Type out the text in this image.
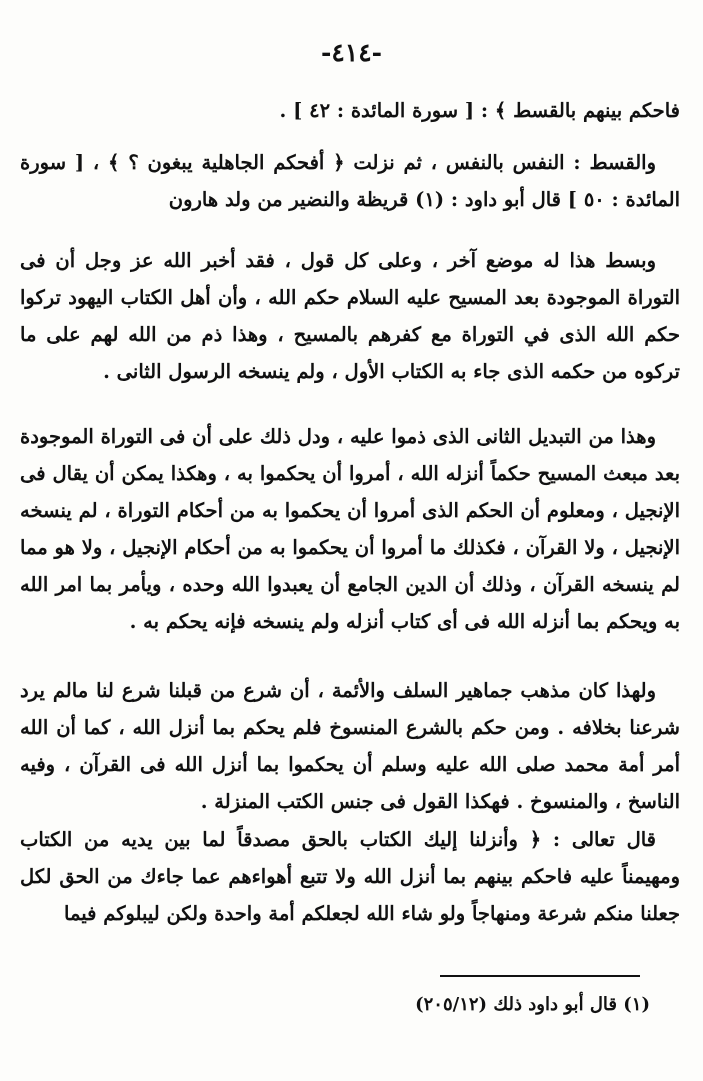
-٤١٤-

فاحكم بينهم بالقسط ﴾ : [ سورة المائدة : ٤٢ ] .

والقسط : النفس بالنفس ، ثم نزلت ﴿ أفحكم الجاهلية يبغون ؟ ﴾ ، [ سورة المائدة : ٥٠ ] قال أبو داود : (١) قريظة والنضير من ولد هارون

وبسط هذا له موضع آخر ، وعلى كل قول ، فقد أخبر الله عز وجل أن فى التوراة الموجودة بعد المسيح عليه السلام حكم الله ، وأن أهل الكتاب اليهود تركوا حكم الله الذى في التوراة مع كفرهم بالمسيح ، وهذا ذم من الله لهم على ما تركوه من حكمه الذى جاء به الكتاب الأول ، ولم ينسخه الرسول الثانى .

وهذا من التبديل الثانى الذى ذموا عليه ، ودل ذلك على أن فى التوراة الموجودة بعد مبعث المسيح حكماً أنزله الله ، أمروا أن يحكموا به ، وهكذا يمكن أن يقال فى الإنجيل ، ومعلوم أن الحكم الذى أمروا أن يحكموا به من أحكام التوراة ، لم ينسخه الإنجيل ، ولا القرآن ، فكذلك ما أمروا أن يحكموا به من أحكام الإنجيل ، ولا هو مما لم ينسخه القرآن ، وذلك أن الدين الجامع أن يعبدوا الله وحده ، ويأمر بما امر الله به ويحكم بما أنزله الله فى أى كتاب أنزله ولم ينسخه فإنه يحكم به .

ولهذا كان مذهب جماهير السلف والأئمة ، أن شرع من قبلنا شرع لنا مالم يرد شرعنا بخلافه . ومن حكم بالشرع المنسوخ فلم يحكم بما أنزل الله ، كما أن الله أمر أمة محمد صلى الله عليه وسلم أن يحكموا بما أنزل الله فى القرآن ، وفيه الناسخ ، والمنسوخ . فهكذا القول فى جنس الكتب المنزلة .

قال تعالى : ﴿ وأنزلنا إليك الكتاب بالحق مصدقاً لما بين يديه من الكتاب ومهيمناً عليه فاحكم بينهم بما أنزل الله ولا تتبع أهواءهم عما جاءك من الحق لكل جعلنا منكم شرعة ومنهاجاً ولو شاء الله لجعلكم أمة واحدة ولكن ليبلوكم فيما

(١) قال أبو داود ذلك (٢٠٥/١٢)
